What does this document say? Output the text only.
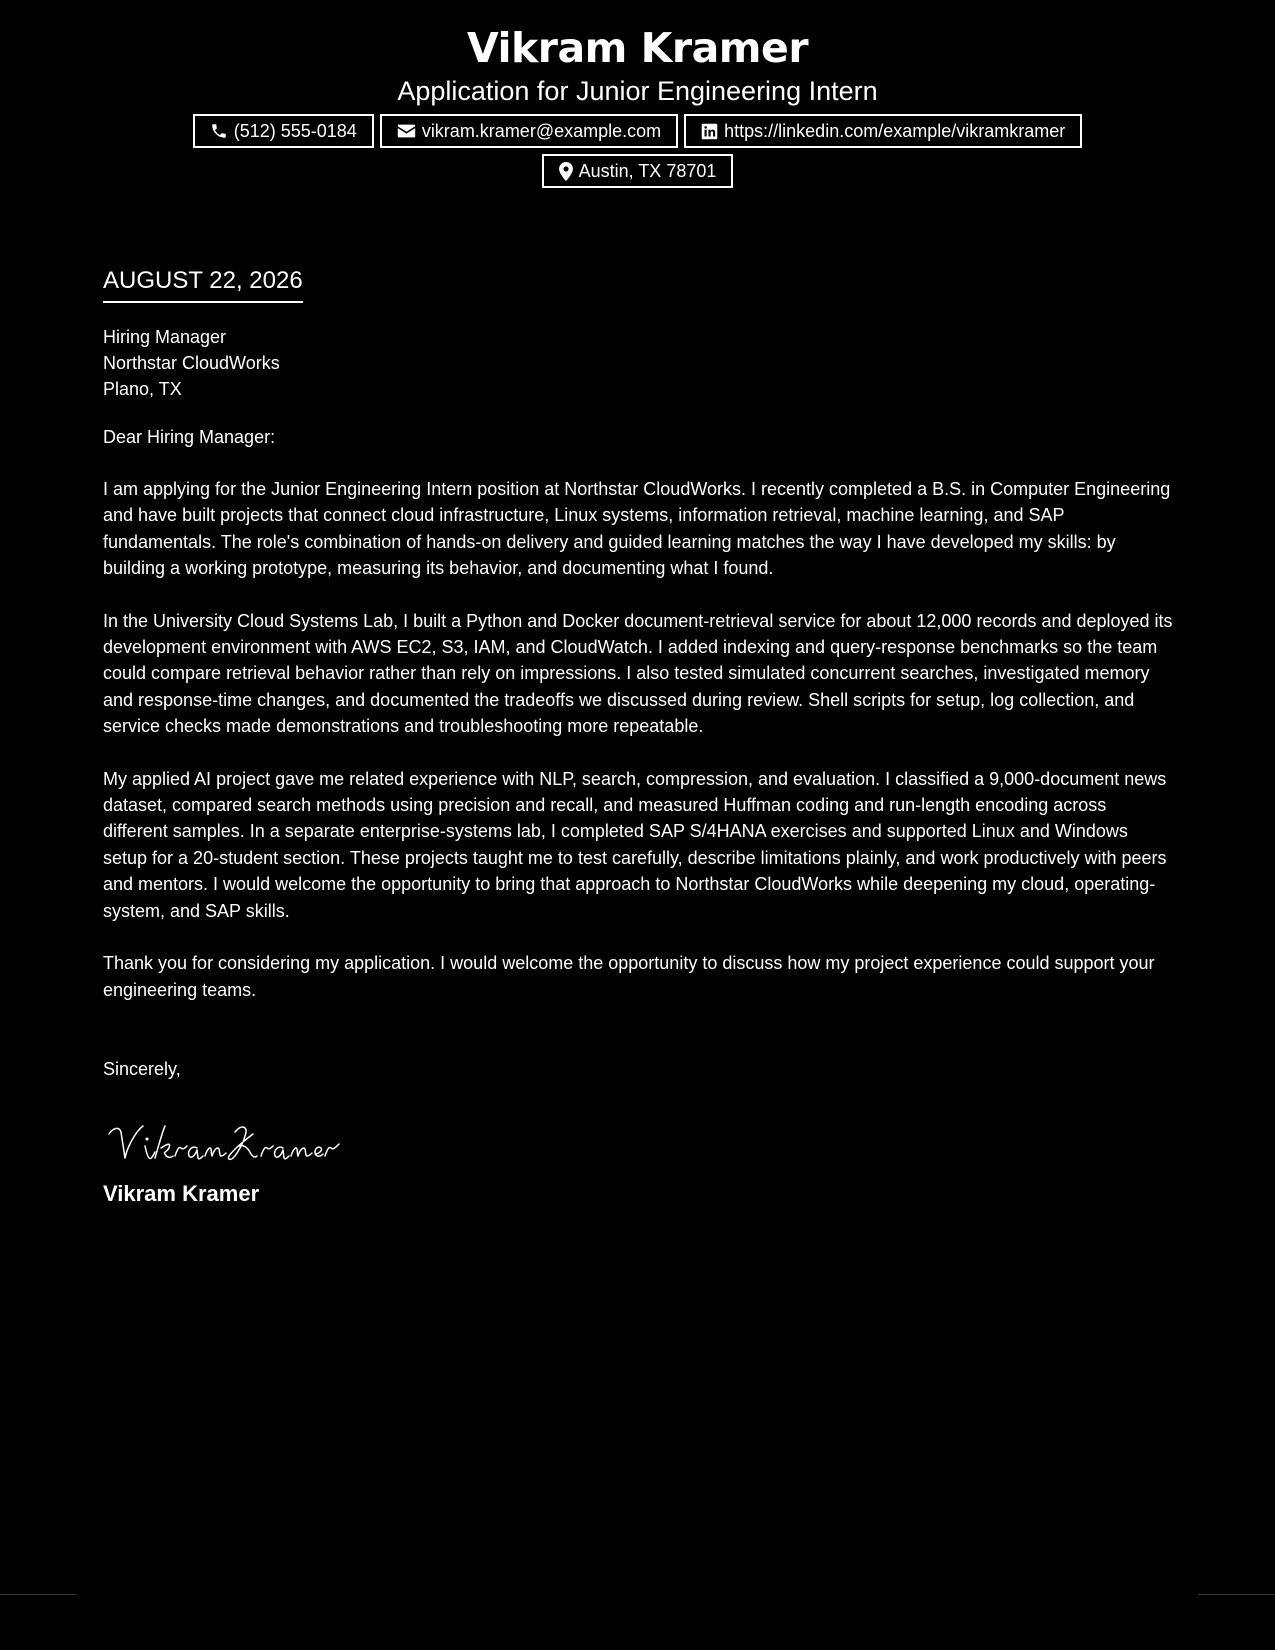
Vikram Kramer
Application for Junior Engineering Intern
(512) 555-0184	vikram.kramer@example.com	https://linkedin.com/example/vikramkramer
Austin, TX 78701
AUGUST 22, 2026
Hiring Manager
Northstar CloudWorks
Plano, TX
Dear Hiring Manager:

I am applying for the Junior Engineering Intern position at Northstar CloudWorks. I recently completed a B.S. in Computer Engineering and have built projects that connect cloud infrastructure, Linux systems, information retrieval, machine learning, and SAP fundamentals. The role's combination of hands-on delivery and guided learning matches the way I have developed my skills: by building a working prototype, measuring its behavior, and documenting what I found.

In the University Cloud Systems Lab, I built a Python and Docker document-retrieval service for about 12,000 records and deployed its development environment with AWS EC2, S3, IAM, and CloudWatch. I added indexing and query-response benchmarks so the team could compare retrieval behavior rather than rely on impressions. I also tested simulated concurrent searches, investigated memory and response-time changes, and documented the tradeoffs we discussed during review. Shell scripts for setup, log collection, and service checks made demonstrations and troubleshooting more repeatable.

My applied AI project gave me related experience with NLP, search, compression, and evaluation. I classified a 9,000-document news dataset, compared search methods using precision and recall, and measured Huffman coding and run-length encoding across different samples. In a separate enterprise-systems lab, I completed SAP S/4HANA exercises and supported Linux and Windows setup for a 20-student section. These projects taught me to test carefully, describe limitations plainly, and work productively with peers and mentors. I would welcome the opportunity to bring that approach to Northstar CloudWorks while deepening my cloud, operating-system, and SAP skills.

Thank you for considering my application. I would welcome the opportunity to discuss how my project experience could support your engineering teams.

Sincerely,
Vikram Kramer
